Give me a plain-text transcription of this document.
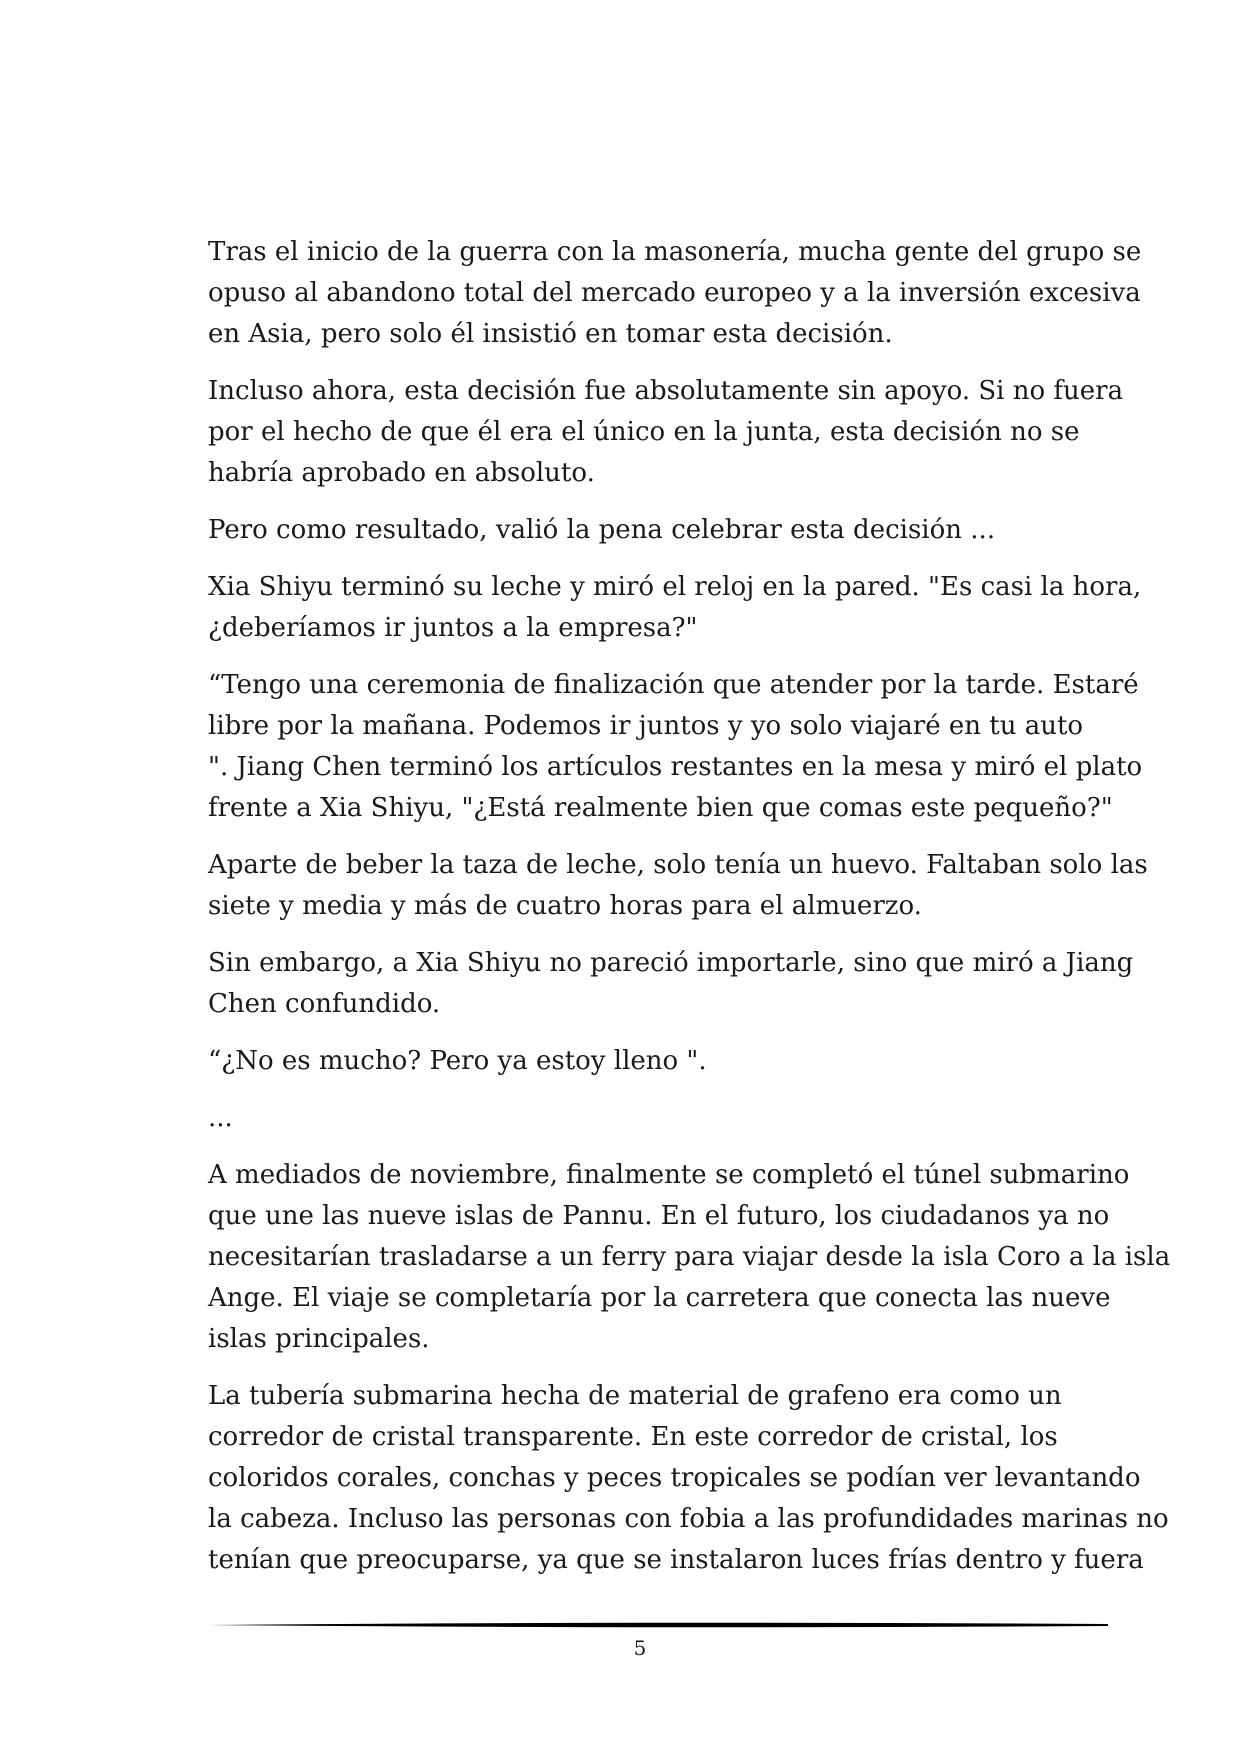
Tras el inicio de la guerra con la masonería, mucha gente del grupo se
opuso al abandono total del mercado europeo y a la inversión excesiva
en Asia, pero solo él insistió en tomar esta decisión.

Incluso ahora, esta decisión fue absolutamente sin apoyo. Si no fuera
por el hecho de que él era el único en la junta, esta decisión no se
habría aprobado en absoluto.

Pero como resultado, valió la pena celebrar esta decisión ...

Xia Shiyu terminó su leche y miró el reloj en la pared. "Es casi la hora,
¿deberíamos ir juntos a la empresa?"

“Tengo una ceremonia de finalización que atender por la tarde. Estaré
libre por la mañana. Podemos ir juntos y yo solo viajaré en tu auto
". Jiang Chen terminó los artículos restantes en la mesa y miró el plato
frente a Xia Shiyu, "¿Está realmente bien que comas este pequeño?"

Aparte de beber la taza de leche, solo tenía un huevo. Faltaban solo las
siete y media y más de cuatro horas para el almuerzo.

Sin embargo, a Xia Shiyu no pareció importarle, sino que miró a Jiang
Chen confundido.

“¿No es mucho? Pero ya estoy lleno ".

...

A mediados de noviembre, finalmente se completó el túnel submarino
que une las nueve islas de Pannu. En el futuro, los ciudadanos ya no
necesitarían trasladarse a un ferry para viajar desde la isla Coro a la isla
Ange. El viaje se completaría por la carretera que conecta las nueve
islas principales.

La tubería submarina hecha de material de grafeno era como un
corredor de cristal transparente. En este corredor de cristal, los
coloridos corales, conchas y peces tropicales se podían ver levantando
la cabeza. Incluso las personas con fobia a las profundidades marinas no
tenían que preocuparse, ya que se instalaron luces frías dentro y fuera

5
